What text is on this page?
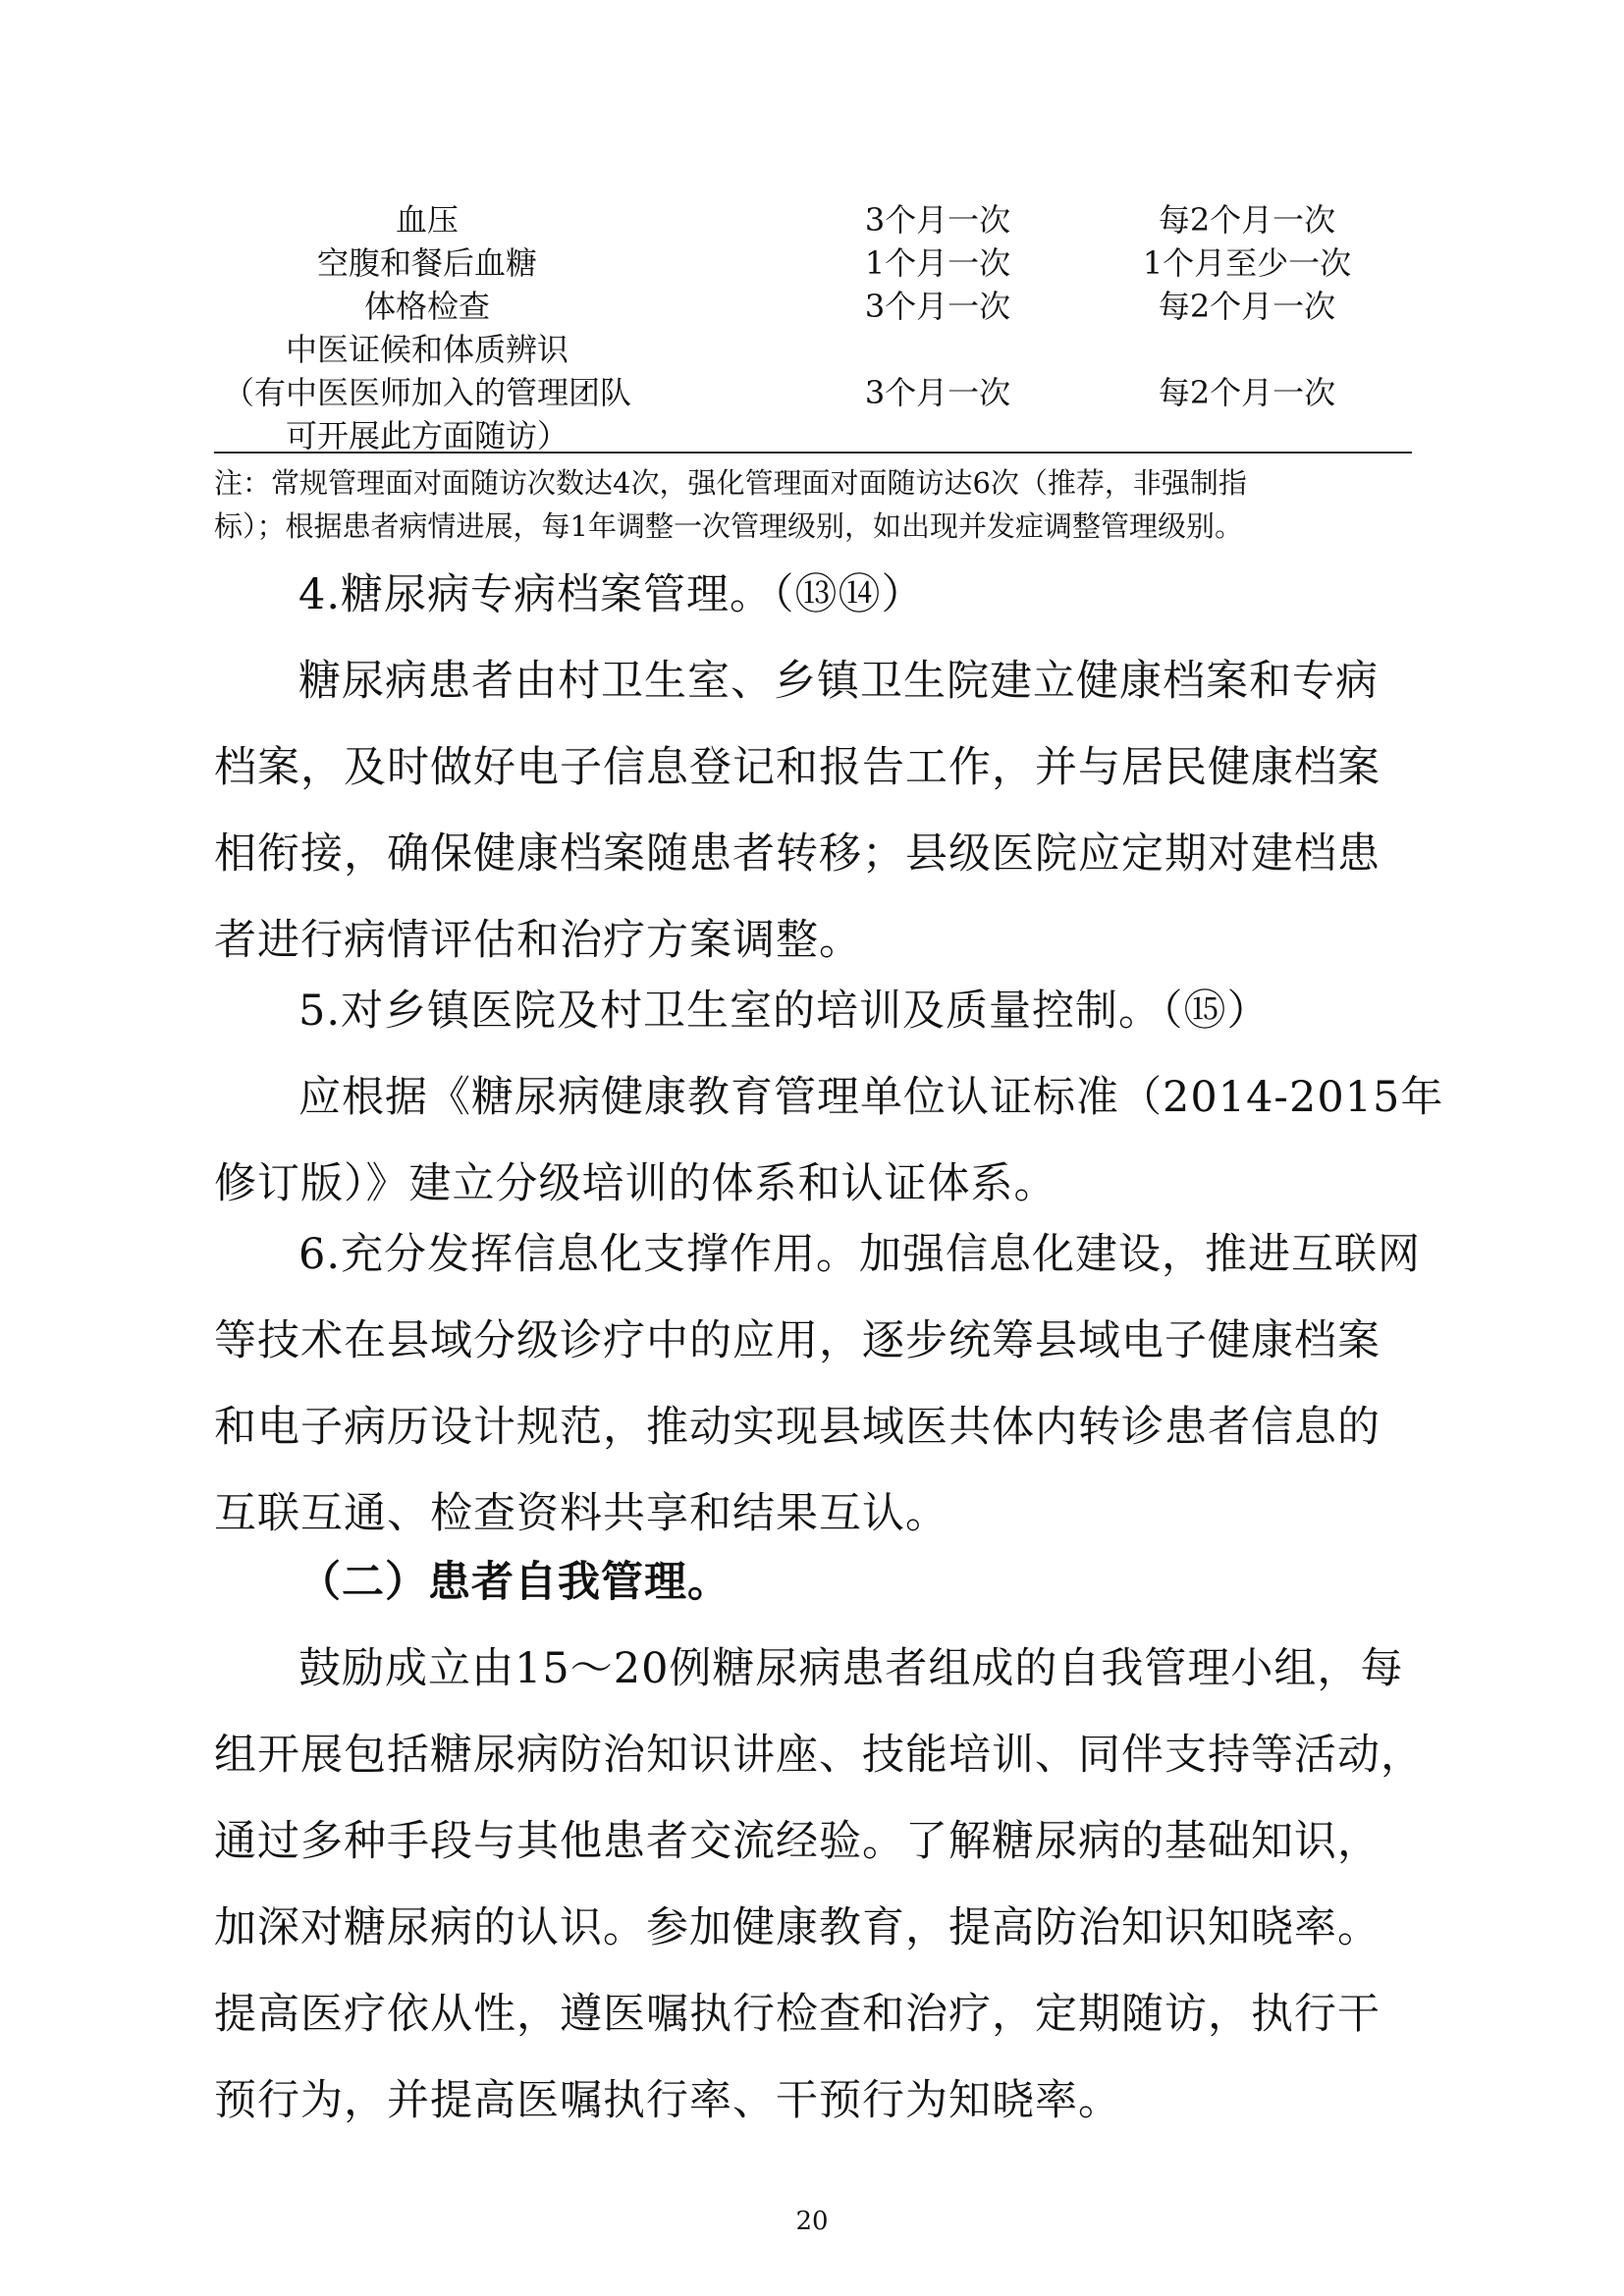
血压	3个月一次	每2个月一次
空腹和餐后血糖	1个月一次	1个月至少一次
体格检查	3个月一次	每2个月一次
中医证候和体质辨识
（有中医医师加入的管理团队
可开展此方面随访）
3个月一次	每2个月一次
注：常规管理面对面随访次数达4次，强化管理面对面随访达6次（推荐，非强制指
标）；根据患者病情进展，每1年调整一次管理级别，如出现并发症调整管理级别。
4.糖尿病专病档案管理。（⑬⑭）
糖尿病患者由村卫生室、乡镇卫生院建立健康档案和专病
档案，及时做好电子信息登记和报告工作，并与居民健康档案
相衔接，确保健康档案随患者转移；县级医院应定期对建档患
者进行病情评估和治疗方案调整。
5.对乡镇医院及村卫生室的培训及质量控制。（⑮）
应根据《糖尿病健康教育管理单位认证标准（2014-2015年
修订版）》建立分级培训的体系和认证体系。
6.充分发挥信息化支撑作用。加强信息化建设，推进互联网
等技术在县域分级诊疗中的应用，逐步统筹县域电子健康档案
和电子病历设计规范，推动实现县域医共体内转诊患者信息的
互联互通、检查资料共享和结果互认。
（二）患者自我管理。
鼓励成立由15～20例糖尿病患者组成的自我管理小组，每
组开展包括糖尿病防治知识讲座、技能培训、同伴支持等活动，
通过多种手段与其他患者交流经验。了解糖尿病的基础知识，
加深对糖尿病的认识。参加健康教育，提高防治知识知晓率。
提高医疗依从性，遵医嘱执行检查和治疗，定期随访，执行干
预行为，并提高医嘱执行率、干预行为知晓率。
20
